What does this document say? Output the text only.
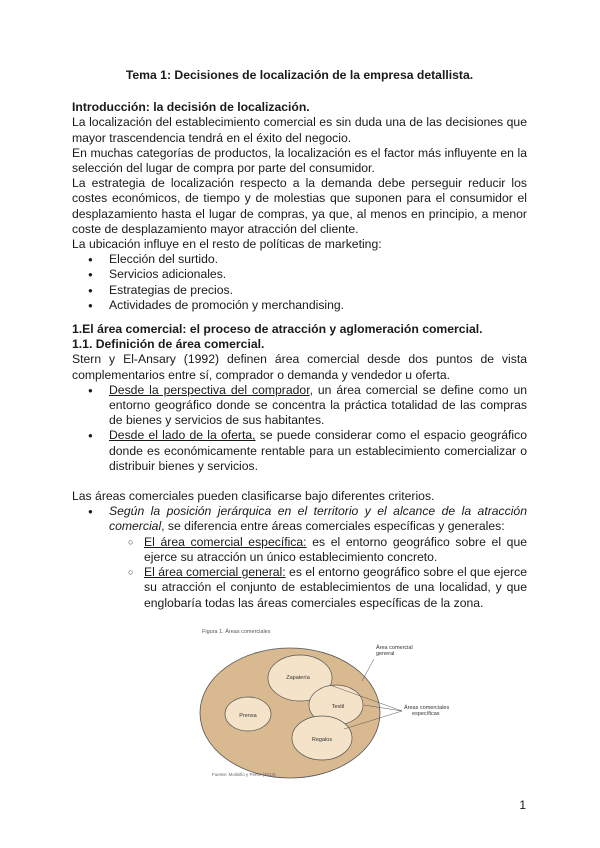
Tema 1: Decisiones de localización de la empresa detallista.

Introducción: la decisión de localización.

La localización del establecimiento comercial es sin duda una de las decisiones que mayor trascendencia tendrá en el éxito del negocio.

En muchas categorías de productos, la localización es el factor más influyente en la selección del lugar de compra por parte del consumidor.

La estrategia de localización respecto a la demanda debe perseguir reducir los costes económicos, de tiempo y de molestias que suponen para el consumidor el desplazamiento hasta el lugar de compras, ya que, al menos en principio, a menor coste de desplazamiento mayor atracción del cliente.

La ubicación influye en el resto de políticas de marketing:

● Elección del surtido.
● Servicios adicionales.
● Estrategias de precios.
● Actividades de promoción y merchandising.

1.El área comercial: el proceso de atracción y aglomeración comercial.

1.1. Definición de área comercial.

Stern y El-Ansary (1992) definen área comercial desde dos puntos de vista complementarios entre sí, comprador o demanda y vendedor u oferta.

● Desde la perspectiva del comprador, un área comercial se define como un entorno geográfico donde se concentra la práctica totalidad de las compras de bienes y servicios de sus habitantes.
● Desde el lado de la oferta, se puede considerar como el espacio geográfico donde es económicamente rentable para un establecimiento comercializar o distribuir bienes y servicios.

Las áreas comerciales pueden clasificarse bajo diferentes criterios.

● Según la posición jerárquica en el territorio y el alcance de la atracción comercial, se diferencia entre áreas comerciales específicas y generales:
○ El área comercial específica: es el entorno geográfico sobre el que ejerce su atracción un único establecimiento concreto.
○ El área comercial general: es el entorno geográfico sobre el que ejerce su atracción el conjunto de establecimientos de una localidad, y que englobaría todas las áreas comerciales específicas de la zona.
Figura 1. Áreas comerciales
Zapatería
Textil
Prensa
Regalos
Área comercial general
Áreas comerciales específicas
Fuente: Molinillo y Pérez (2014).
1
